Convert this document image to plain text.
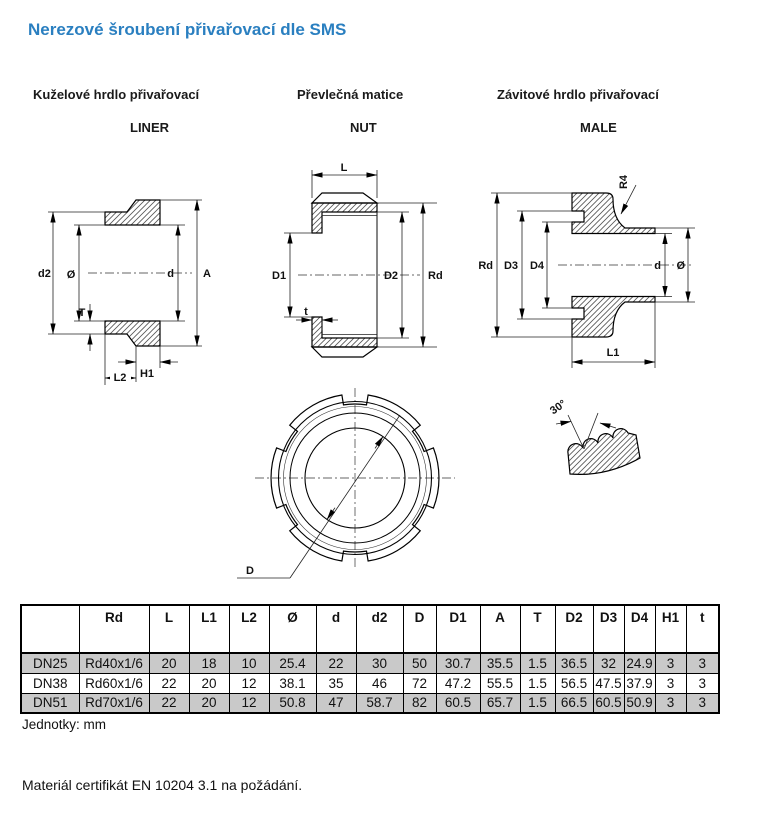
Nerezové šroubení přivařovací dle SMS
Kuželové hrdlo přivařovací	Převlečná matice	Závitové hrdlo přivařovací
LINER	NUT	MALE
d2 Ø
T
d	A
H1
L2
L
D1	D2	Rd
t
Rd D3 D4	d Ø
L1
R4
D
30°
	Rd	L	L1	L2	Ø	d	d2	D	D1	A	T	D2	D3	D4	H1	t
DN25	Rd40x1/6	20	18	10	25.4	22	30	50	30.7	35.5	1.5	36.5	32	24.9	3	3
DN38	Rd60x1/6	22	20	12	38.1	35	46	72	47.2	55.5	1.5	56.5	47.5	37.9	3	3
DN51	Rd70x1/6	22	20	12	50.8	47	58.7	82	60.5	65.7	1.5	66.5	60.5	50.9	3	3
Jednotky: mm
Materiál certifikát EN 10204 3.1 na požádání.
